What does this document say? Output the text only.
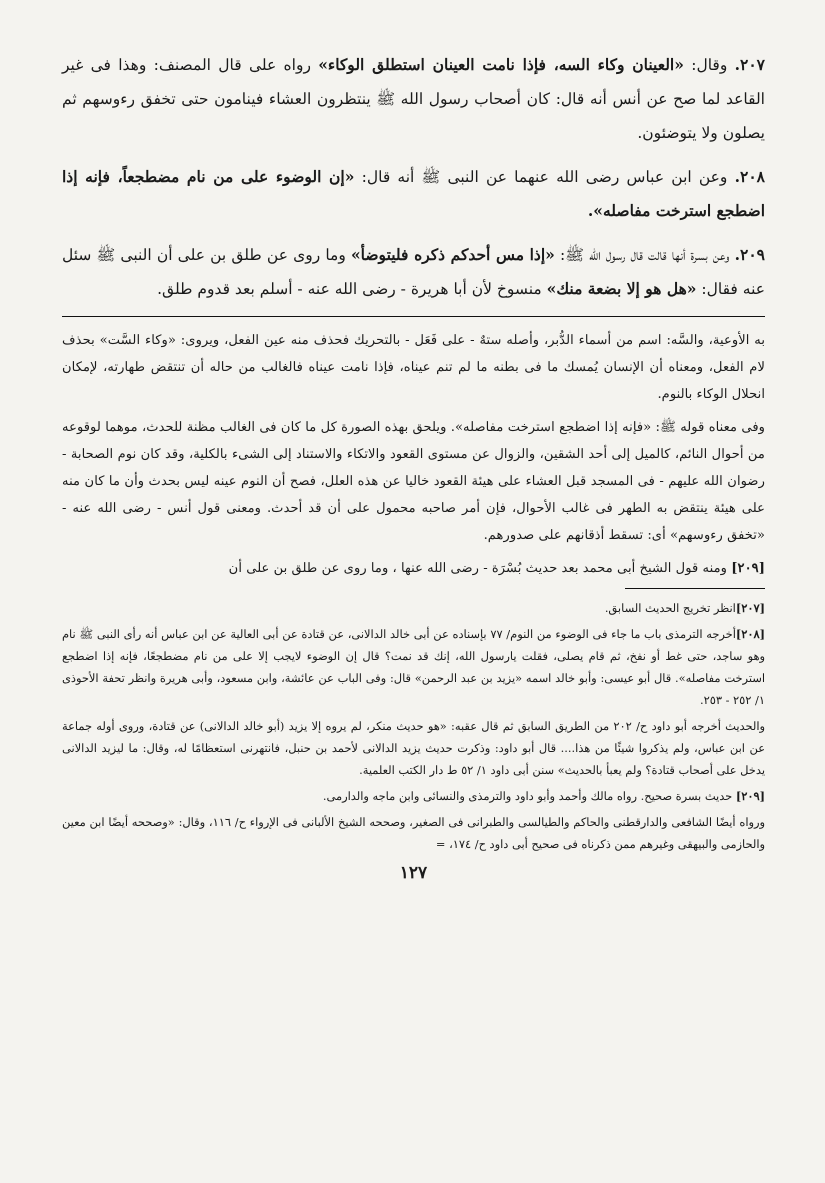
٢٠٧. وقال: «العينان وكاء السه، فإذا نامت العينان استطلق الوكاء» رواه على قال المصنف: وهذا فى غير القاعد لما صح عن أنس أنه قال: كان أصحاب رسول الله ﷺ ينتظرون العشاء فينامون حتى تخفق رءوسهم ثم يصلون ولا يتوضئون.

٢٠٨. وعن ابن عباس رضى الله عنهما عن النبى ﷺ أنه قال: «إن الوضوء على من نام مضطجعاً، فإنه إذا اضطجع استرخت مفاصله».

٢٠٩. وعن بسرة أنها قالت قال رسول الله ﷺ: «إذا مس أحدكم ذكره فليتوضأ» وما روى عن طلق بن على أن النبى ﷺ سئل عنه فقال: «هل هو إلا بضعة منك» منسوخ لأن أبا هريرة - رضى الله عنه - أسلم بعد قدوم طلق.

به الأوعية، والسَّه: اسم من أسماء الدُّبر، وأصله ستهٌ - على فَعَل - بالتحريك فحذف منه عين الفعل، ويروى: «وكاء السَّت» بحذف لام الفعل، ومعناه أن الإنسان يُمسك ما فى بطنه ما لم تنم عيناه، فإذا نامت عيناه فالغالب من حاله أن تنتقض طهارته، لإمكان انحلال الوكاء بالنوم.

وفى معناه قوله ﷺ: «فإنه إذا اضطجع استرخت مفاصله». ويلحق بهذه الصورة كل ما كان فى الغالب مظنة للحدث، موهما لوقوعه من أحوال النائم، كالميل إلى أحد الشقين، والزوال عن مستوى القعود والاتكاء والاستناد إلى الشىء بالكلية، وقد كان نوم الصحابة - رضوان الله عليهم - فى المسجد قبل العشاء على هيئة القعود خاليا عن هذه العلل، فصح أن النوم عينه ليس بحدث وأن ما كان منه على هيئة ينتقض به الطهر فى غالب الأحوال، فإن أمر صاحبه محمول على أن قد أحدث. ومعنى قول أنس - رضى الله عنه - «تخفق رءوسهم» أى: تسقط أذقانهم على صدورهم.

[٢٠٩] ومنه قول الشيخ أبى محمد بعد حديث بُسْرَة - رضى الله عنها ، وما روى عن طلق بن على أن

[٢٠٧]انظر تخريج الحديث السابق.

[٢٠٨]أخرجه الترمذى باب ما جاء فى الوضوء من النوم/ ٧٧ بإسناده عن أبى خالد الدالانى، عن قتادة عن أبى العالية عن ابن عباس أنه رأى النبى ﷺ نام وهو ساجد، حتى غط أو نفخ، ثم قام يصلى، فقلت يارسول الله، إنك قد نمت؟ قال إن الوضوء لايجب إلا على من نام مضطجعًا، فإنه إذا اضطجع استرخت مفاصله». قال أبو عيسى: وأبو خالد اسمه «يزيد بن عبد الرحمن» قال: وفى الباب عن عائشة، وابن مسعود، وأبى هريرة وانظر تحفة الأحوذى ١/ ٢٥٢ - ٢٥٣.

والحديث أخرجه أبو داود ح/ ٢٠٢ من الطريق السابق ثم قال عقبه: «هو حديث منكر، لم يروه إلا يزيد (أبو خالد الدالانى) عن قتادة، وروى أوله جماعة عن ابن عباس، ولم يذكروا شيئًا من هذا.... قال أبو داود: وذكرت حديث يزيد الدالانى لأحمد بن حنبل، فانتهرنى استعظامًا له، وقال: ما ليزيد الدالانى يدخل على أصحاب قتادة؟ ولم يعبأ بالحديث» سنن أبى داود ١/ ٥٢ ط دار الكتب العلمية.

[٢٠٩] حديث بسرة صحيح. رواه مالك وأحمد وأبو داود والترمذى والنسائى وابن ماجه والدارمى.

ورواه أيضًا الشافعى والدارقطنى والحاكم والطيالسى والطبرانى فى الصغير، وصححه الشيخ الألبانى فى الإرواء ح/ ١١٦، وقال: «وصححه أيضًا ابن معين والحازمى والبيهقى وغيرهم ممن ذكرناه فى صحيح أبى داود ح/ ١٧٤، =

١٢٧
